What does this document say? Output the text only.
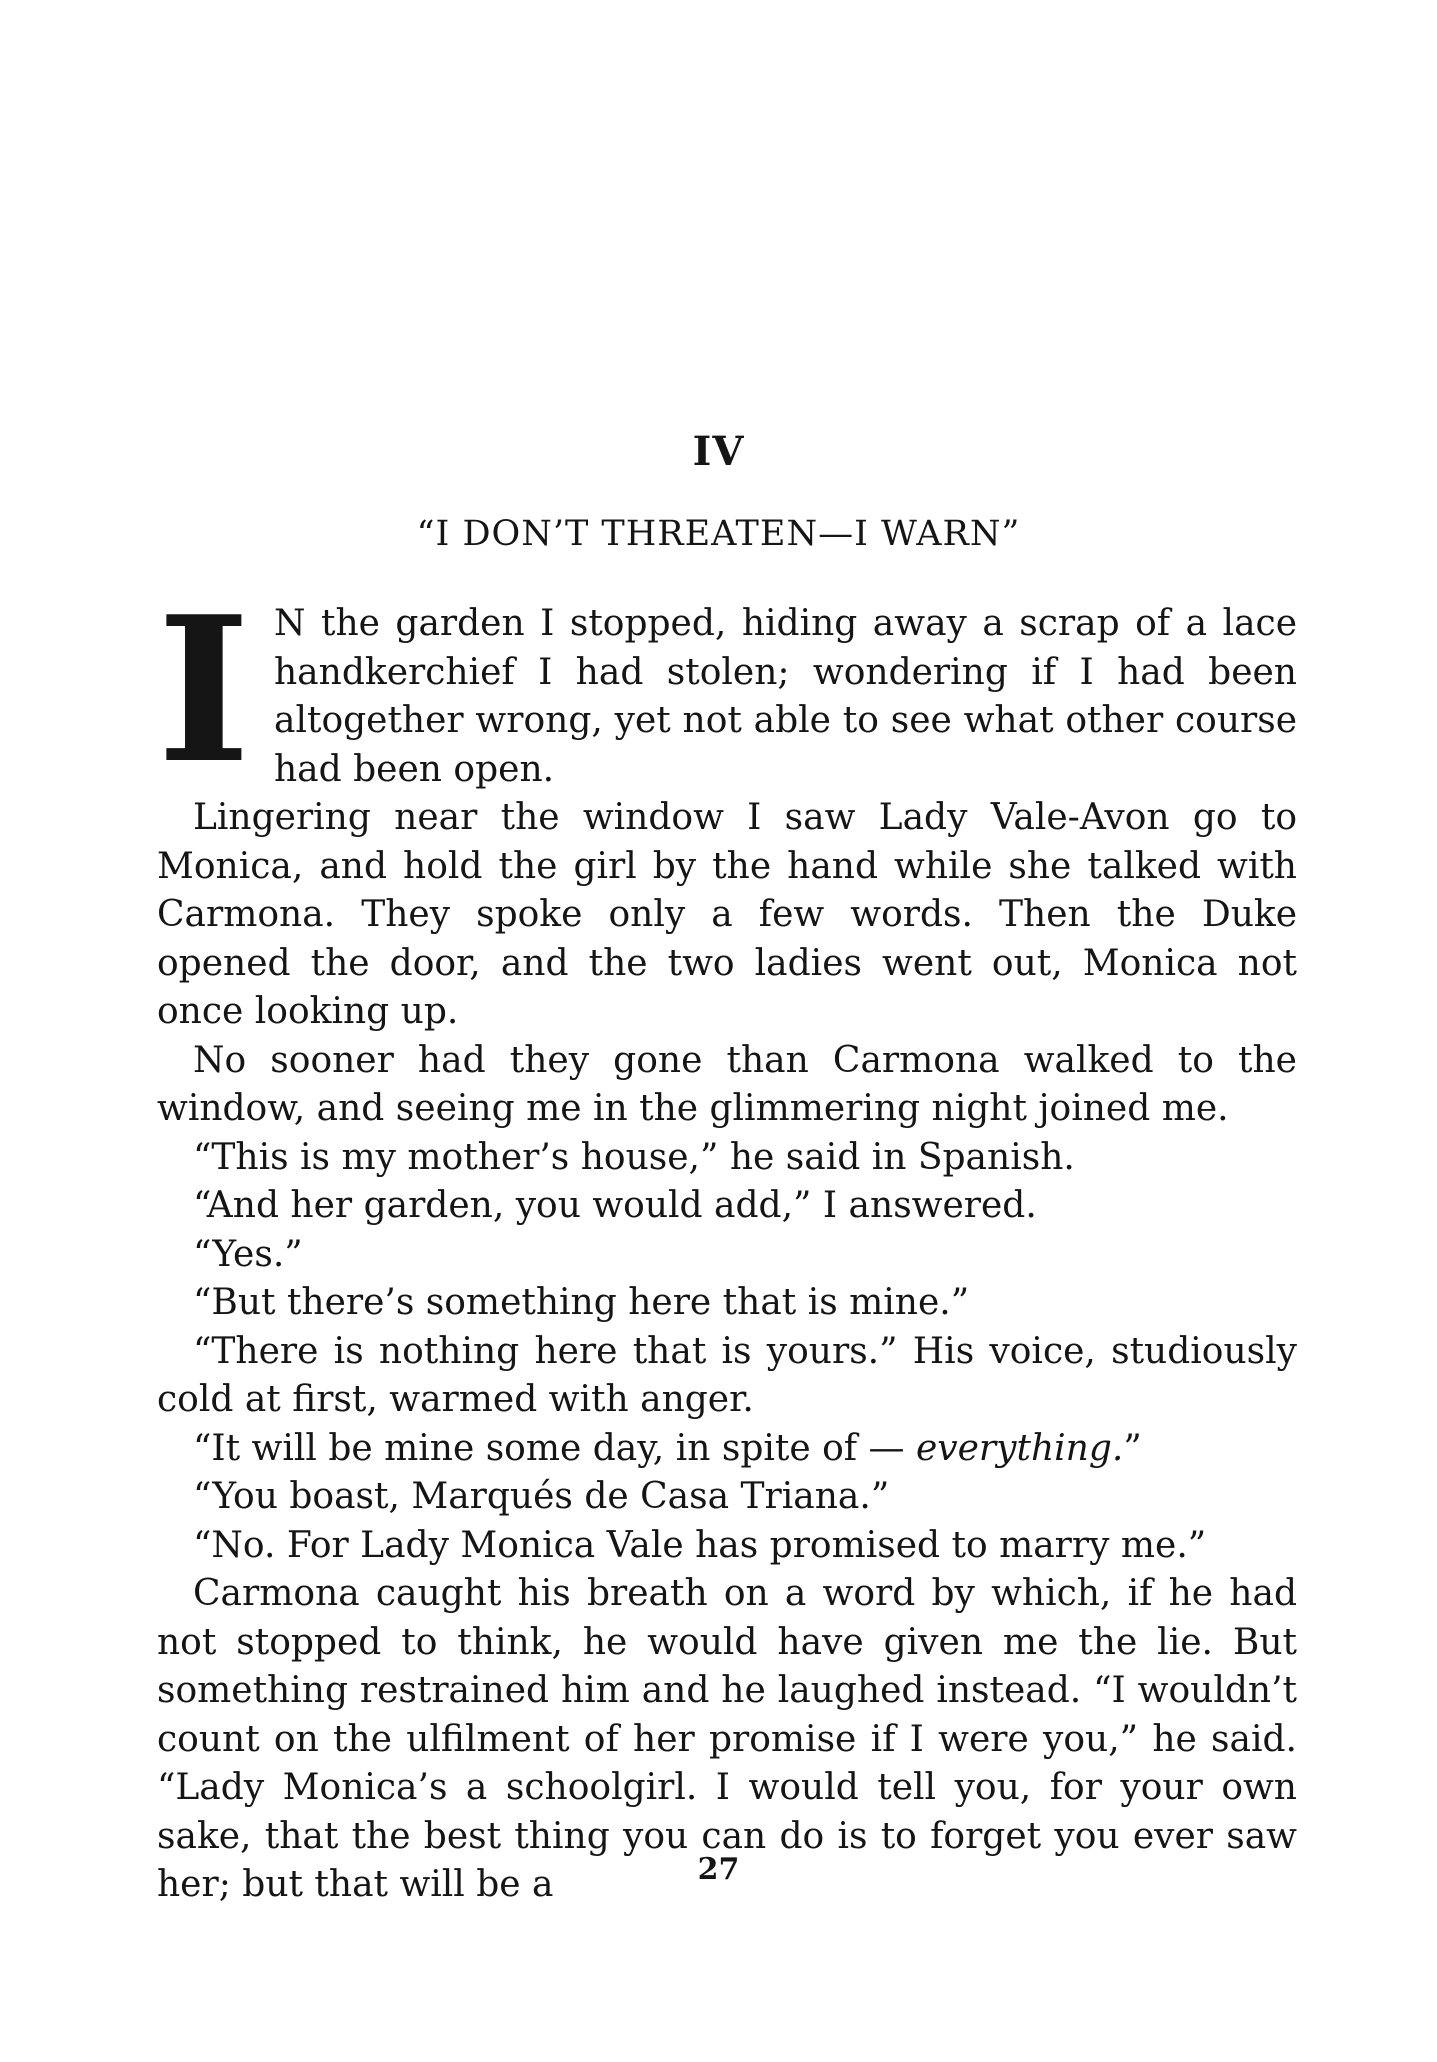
IV
“I DON’T THREATEN—I WARN”
I N the garden I stopped, hiding away a scrap of a lace handkerchief I had stolen; wondering if I had been altogether wrong, yet not able to see what other course had been open.

Lingering near the window I saw Lady Vale-Avon go to Monica, and hold the girl by the hand while she talked with Carmona. They spoke only a few words. Then the Duke opened the door, and the two ladies went out, Monica not once looking up.

No sooner had they gone than Carmona walked to the window, and seeing me in the glimmering night joined me.

“This is my mother’s house,” he said in Spanish.

“And her garden, you would add,” I answered.

“Yes.”

“But there’s something here that is mine.”

“There is nothing here that is yours.” His voice, studiously cold at first, warmed with anger.

“It will be mine some day, in spite of — everything.”

“You boast, Marqués de Casa Triana.”

“No. For Lady Monica Vale has promised to marry me.”

Carmona caught his breath on a word by which, if he had not stopped to think, he would have given me the lie. But something restrained him and he laughed instead. “I wouldn’t count on the ulfilment of her promise if I were you,” he said. “Lady Monica’s a schoolgirl. I would tell you, for your own sake, that the best thing you can do is to forget you ever saw her; but that will be a	27
